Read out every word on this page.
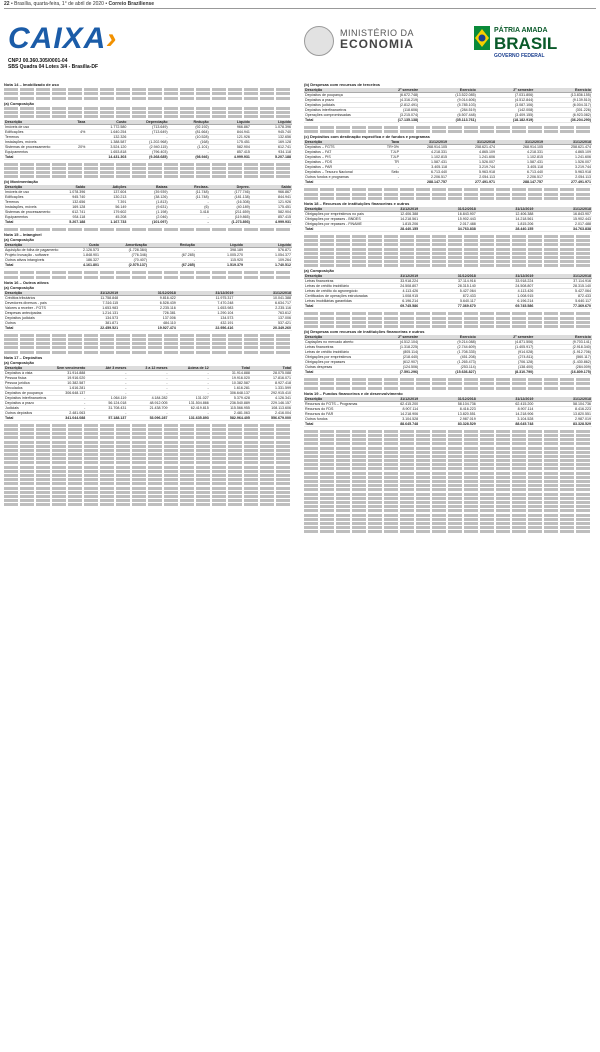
22 • Brasília, quarta-feira, 1° de abril de 2020 • Correio Braziliense
CAIXA›
CNPJ 00.360.305/0001-04
SBS Quadra 04 Lotes 3/4 - Brasília-DF
MINISTÉRIO DA
ECONOMIA
PÁTRIA AMADA
BRASIL
GOVERNO FEDERAL

Nota 14 – Imobilizado de uso

(a) Composição

Descrição	Taxa	Custo	Depreciação	Redução	Líquido	Líquido
Imóveis de uso		1.772.580	(713.649)	(92.192)	966.867	1.078.396
Edificações	4%	1.640.254	(713.649)	(81.664)	844.941	945.740
Terrenos		132.326	-	(10.528)	121.926	132.656
Instalações, móveis		1.388.587	(1.202.968)	(168)	175.451	169.128
Sistemas de processamento	20%	3.524.120	(2.940.115)	(1.101)	582.904	612.741
Equipamentos		1.653.818	(796.403)	-	857.415	934.118
Total		14.431.303	(9.268.685)	(98.946)	4.999.931	5.207.188

(b) Movimentação

Descrição	Saldo	Adições	Baixas	Reclass.	Deprec.	Saldo
Imóveis de uso	1.078.396	137.604	(39.939)	(11.748)	(177.746)	966.867
Edificações	945.740	130.213	(38.126)	(11.748)	(181.138)	844.941
Terrenos	132.656	7.391	(1.813)	-	(16.308)	121.926
Instalações, móveis	169.128	56.149	(9.631)	(6)	(40.189)	175.451
Sistemas de processamento	612.741	179.602	(1.198)	3.418	(211.659)	582.904
Equipamentos	934.118	45.208	(2.046)	-	(119.865)	857.415
Total	5.207.188	1.167.733	(101.097)	-	(1.273.893)	4.999.931

Nota 15 – Intangível

(a) Composição

Descrição	Custo	Amortização	Redução	Líquido	Líquido
Aquisição de folha de pagamento	2.126.573	(1.728.384)	-	398.189	576.871
Projeto Inovação - software	1.848.901	(776.346)	(67.285)	1.005.270	1.054.377
Outros ativos intangíveis	186.327	(70.407)	-	115.920	109.264
Total	4.161.801	(2.575.137)	(67.285)	1.519.379	1.740.512

Nota 16 – Outros ativos

(a) Composição

Descrição	31/12/2019	31/12/2018	31/12/2019	31/12/2018
Créditos tributários	11.758.848	9.816.422	11.975.317	10.041.388
Devedores diversos - país	7.316.115	6.528.439	7.470.248	6.634.717
Valores a receber - FGTS	1.653.983	2.235.116	1.653.983	2.235.116
Despesas antecipadas	1.214.131	726.381	1.290.104	763.612
Depósitos judiciais	134.573	137.006	134.573	137.006
Outros	381.871	484.110	432.191	537.421
Total	22.459.521	19.927.474	22.956.416	20.349.260

Nota 17 – Depósitos

(a) Composição

Descrição	Sem vencimento	Até 3 meses	3 a 12 meses	Acima de 12	Total	Total
Depósitos à vista	31.914.888	-	-	-	31.914.888	28.075.088
Pessoa física	19.916.020	-	-	-	19.916.020	17.816.071
Pessoa jurídica	10.382.587	-	-	-	10.382.587	8.927.418
Vinculados	1.616.281	-	-	-	1.616.281	1.331.599
Depósitos de poupança	306.648.137	-	-	-	306.648.137	292.915.410
Depósitos interfinanceiros	-	1.064.119	4.184.282	131.027	5.379.428	4.126.341
Depósitos a prazo	-	56.124.018	48.912.005	131.504.866	236.540.889	229.146.157
Judiciais	-	31.708.431	21.438.709	62.419.815	115.566.955	108.113.606
Outros depósitos	2.481.063	-	-	-	2.481.063	2.416.004
Total	341.044.088	57.188.137	53.096.287	131.635.893	582.964.405	556.679.000

(b) Despesas com recursos de terceiros

Descrição	2º semestre	Exercício	2º semestre	Exercício
Depósitos de poupança	(6.672.748)	(13.522.085)	(7.031.806)	(13.836.155)
Depósitos a prazo	(4.316.219)	(9.014.606)	(4.512.844)	(9.139.510)
Depósitos judiciais	(2.812.491)	(5.785.103)	(3.087.106)	(6.004.317)
Depósitos interfinanceiros	(118.606)	(284.519)	(142.008)	(301.226)
Operações compromissadas	(3.215.074)	(6.507.448)	(3.409.155)	(6.923.082)
Total	(17.135.138)	(35.113.761)	(18.182.919)	(36.204.290)

(c) Depósitos com destinação específica e de fundos e programas

Descrição	Taxa	31/12/2019	31/12/2018	31/12/2019	31/12/2018
Depósitos – FGTS	TR+3%	268.914.105	258.621.474	268.914.105	258.621.474
Depósitos – FAT	TJLP	4.218.331	4.865.109	4.218.331	4.865.109
Depósitos – PIS	TJLP	1.102.815	1.241.606	1.102.815	1.241.606
Depósitos – FDS	TR	1.587.431	1.526.007	1.587.431	1.526.007
Depósitos – PAR	-	3.405.118	3.219.744	3.405.118	3.219.744
Depósitos – Tesouro Nacional	Selic	6.713.440	5.963.918	6.713.440	5.963.918
Outros fundos e programas	-	2.206.517	2.054.113	2.206.517	2.054.113
Total		288.147.757	277.491.971	288.147.757	277.491.971

Nota 18 – Recursos de instituições financeiras e outros

Descrição	31/12/2019	31/12/2018	31/12/2019	31/12/2018
Obrigações por empréstimos no país	12.406.388	16.843.907	12.406.388	16.843.907
Obrigações por repasses - BNDES	14.218.561	15.902.443	14.218.561	15.902.443
Obrigações por repasses - FINAME	1.815.206	2.017.488	1.815.206	2.017.488
Total	28.440.155	34.763.838	28.440.155	34.763.838

(a) Composição

Descrição	31/12/2019	31/12/2018	31/12/2019	31/12/2018
Letras financeiras	33.918.224	37.114.916	33.918.224	37.114.916
Letras de crédito imobiliário	24.508.807	28.315.140	24.508.807	28.315.140
Letras de crédito do agronegócio	4.113.426	5.427.064	4.113.426	5.427.064
Certificados de operações estruturadas	1.008.915	872.433	1.008.915	872.433
Letras imobiliárias garantidas	6.196.214	5.640.117	6.196.214	5.640.117
Total	69.745.586	77.369.670	69.745.586	77.369.670

(b) Despesas com recursos de instituições financeiras e outros

Descrição	2º semestre	Exercício	2º semestre	Exercício
Captações no mercado aberto	(4.512.104)	(9.214.088)	(4.871.506)	(9.703.141)
Letras financeiras	(1.318.225)	(2.744.609)	(1.405.917)	(2.918.340)
Letras de crédito imobiliário	(805.114)	(1.708.335)	(914.028)	(1.912.706)
Obrigações por empréstimos	(218.440)	(451.208)	(274.811)	(560.117)
Obrigações por repasses	(612.907)	(1.265.473)	(706.128)	(1.430.862)
Outras despesas	(124.506)	(253.114)	(138.400)	(284.009)
Total	(7.591.296)	(15.636.827)	(8.310.790)	(16.809.175)

Nota 19 – Fundos financeiros e de desenvolvimento

Descrição	31/12/2019	31/12/2018	31/12/2019	31/12/2018
Recursos do FGTS – Programas	62.415.200	58.104.736	62.415.200	58.104.736
Recursos do FDS	8.907.114	8.416.223	8.907.114	8.416.223
Recursos do FAR	14.218.906	13.820.551	14.218.906	13.820.551
Outros fundos	3.104.528	2.987.019	3.104.528	2.987.019
Total	88.645.748	83.328.529	88.645.748	83.328.529
